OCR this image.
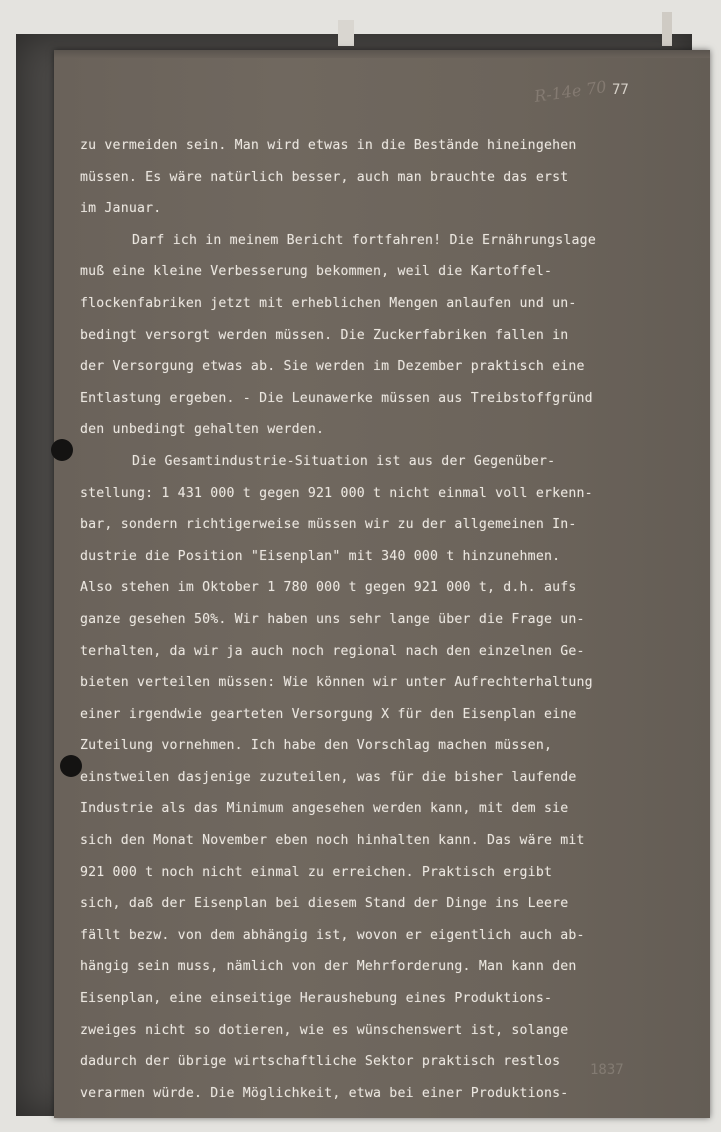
R-14e 70 77
zu vermeiden sein. Man wird etwas in die Bestände hineingehen
müssen. Es wäre natürlich besser, auch man brauchte das erst
im Januar.
Darf ich in meinem Bericht fortfahren! Die Ernährungslage
muß eine kleine Verbesserung bekommen, weil die Kartoffel-
flockenfabriken jetzt mit erheblichen Mengen anlaufen und un-
bedingt versorgt werden müssen. Die Zuckerfabriken fallen in
der Versorgung etwas ab. Sie werden im Dezember praktisch eine
Entlastung ergeben. - Die Leunawerke müssen aus Treibstoffgründ
den unbedingt gehalten werden.
Die Gesamtindustrie-Situation ist aus der Gegenüber-
stellung: 1 431 000 t gegen 921 000 t nicht einmal voll erkenn-
bar, sondern richtigerweise müssen wir zu der allgemeinen In-
dustrie die Position "Eisenplan" mit 340 000 t hinzunehmen.
Also stehen im Oktober 1 780 000 t gegen 921 000 t, d.h. aufs
ganze gesehen 50%. Wir haben uns sehr lange über die Frage un-
terhalten, da wir ja auch noch regional nach den einzelnen Ge-
bieten verteilen müssen: Wie können wir unter Aufrechterhaltung
einer irgendwie gearteten Versorgung X für den Eisenplan eine
Zuteilung vornehmen. Ich habe den Vorschlag machen müssen,
einstweilen dasjenige zuzuteilen, was für die bisher laufende
Industrie als das Minimum angesehen werden kann, mit dem sie
sich den Monat November eben noch hinhalten kann. Das wäre mit
921 000 t noch nicht einmal zu erreichen. Praktisch ergibt
sich, daß der Eisenplan bei diesem Stand der Dinge ins Leere
fällt bezw. von dem abhängig ist, wovon er eigentlich auch ab-
hängig sein muss, nämlich von der Mehrforderung. Man kann den
Eisenplan, eine einseitige Heraushebung eines Produktions-
zweiges nicht so dotieren, wie es wünschenswert ist, solange
dadurch der übrige wirtschaftliche Sektor praktisch restlos
verarmen würde. Die Möglichkeit, etwa bei einer Produktions-
1837
